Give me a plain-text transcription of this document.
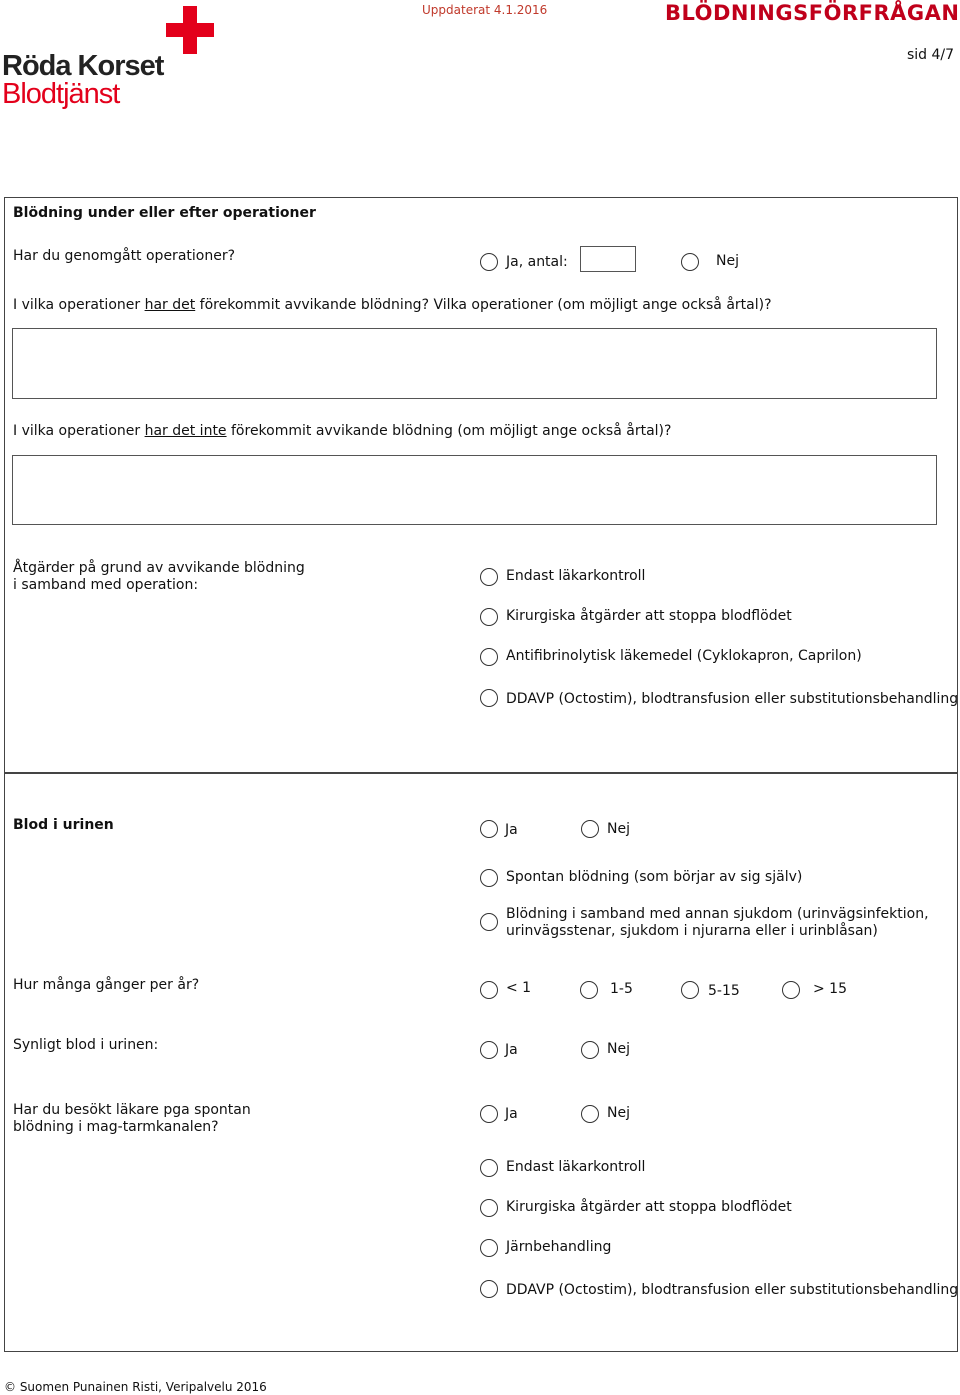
Röda Korset
Blodtjänst
Uppdaterat 4.1.2016	BLÖDNINGSFÖRFRÅGAN
sid 4/7
Blödning under eller efter operationer
Har du genomgått operationer?	Ja, antal:	Nej
I vilka operationer har det förekommit avvikande blödning? Vilka operationer (om möjligt ange också årtal)?
I vilka operationer har det inte förekommit avvikande blödning (om möjligt ange också årtal)?
Åtgärder på grund av avvikande blödning
i samband med operation:
Endast läkarkontroll
Kirurgiska åtgärder att stoppa blodflödet
Antifibrinolytisk läkemedel (Cyklokapron, Caprilon)
DDAVP (Octostim), blodtransfusion eller substitutionsbehandling
Blod i urinen	Ja	Nej
Spontan blödning (som börjar av sig själv)
Blödning i samband med annan sjukdom (urinvägsinfektion,
urinvägsstenar, sjukdom i njurarna eller i urinblåsan)
Hur många gånger per år?	< 1	1-5	5-15	> 15
Synligt blod i urinen:	Ja	Nej
Har du besökt läkare pga spontan
blödning i mag-tarmkanalen?
Ja	Nej
Endast läkarkontroll
Kirurgiska åtgärder att stoppa blodflödet
Järnbehandling
DDAVP (Octostim), blodtransfusion eller substitutionsbehandling
© Suomen Punainen Risti, Veripalvelu 2016
